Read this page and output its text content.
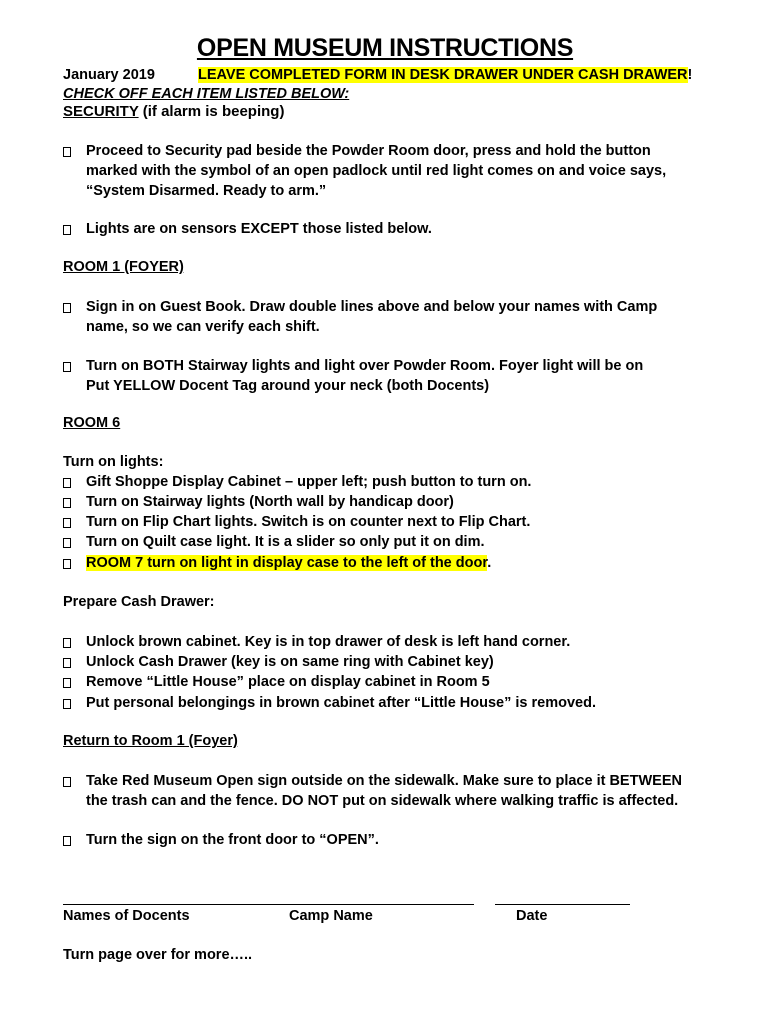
OPEN MUSEUM INSTRUCTIONS
January 2019	LEAVE COMPLETED FORM IN DESK DRAWER UNDER CASH DRAWER!
CHECK OFF EACH ITEM LISTED BELOW:
SECURITY (if alarm is beeping)
Proceed to Security pad beside the Powder Room door, press and hold the button
marked with the symbol of an open padlock until red light comes on and voice says,
“System Disarmed. Ready to arm.”
Lights are on sensors EXCEPT those listed below.
ROOM 1 (FOYER)
Sign in on Guest Book. Draw double lines above and below your names with Camp
name, so we can verify each shift.
Turn on BOTH Stairway lights and light over Powder Room. Foyer light will be on
Put YELLOW Docent Tag around your neck (both Docents)
ROOM 6
Turn on lights:
Gift Shoppe Display Cabinet – upper left; push button to turn on.
Turn on Stairway lights (North wall by handicap door)
Turn on Flip Chart lights. Switch is on counter next to Flip Chart.
Turn on Quilt case light. It is a slider so only put it on dim.
ROOM 7 turn on light in display case to the left of the door.
Prepare Cash Drawer:
Unlock brown cabinet. Key is in top drawer of desk is left hand corner.
Unlock Cash Drawer (key is on same ring with Cabinet key)
Remove “Little House” place on display cabinet in Room 5
Put personal belongings in brown cabinet after “Little House” is removed.
Return to Room 1 (Foyer)
Take Red Museum Open sign outside on the sidewalk. Make sure to place it BETWEEN
the trash can and the fence. DO NOT put on sidewalk where walking traffic is affected.
Turn the sign on the front door to “OPEN”.
Names of Docents	Camp Name	Date
Turn page over for more…..
